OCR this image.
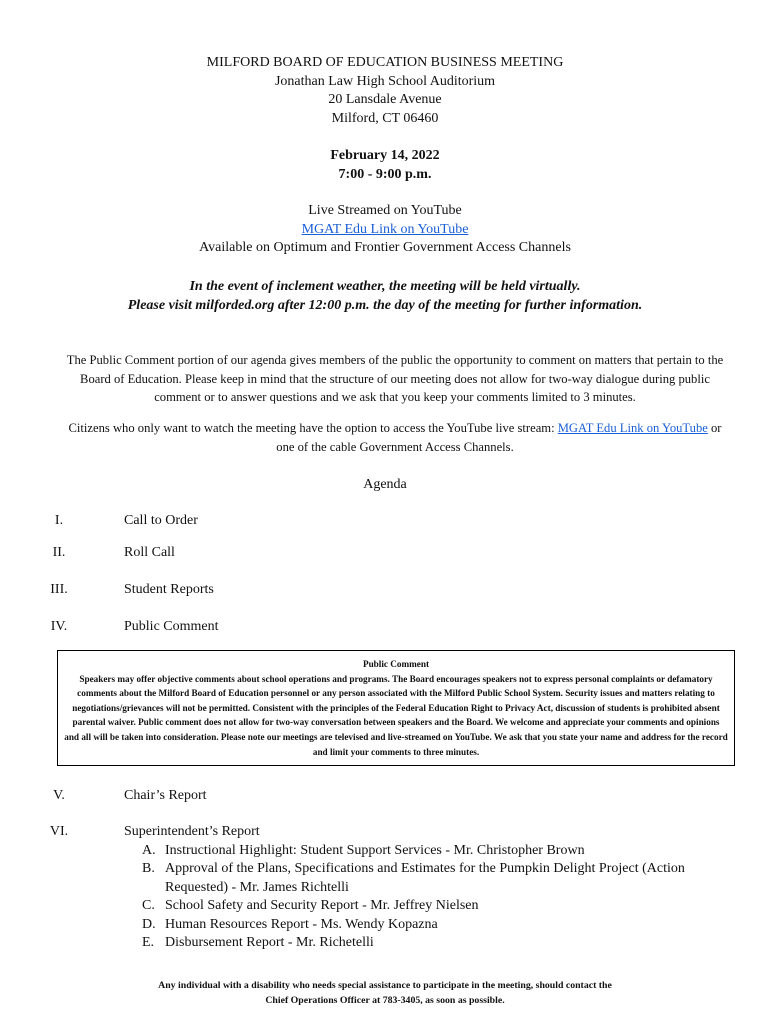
MILFORD BOARD OF EDUCATION BUSINESS MEETING
Jonathan Law High School Auditorium
20 Lansdale Avenue
Milford, CT 06460
February 14, 2022
7:00 - 9:00 p.m.
Live Streamed on YouTube
MGAT Edu Link on YouTube
Available on Optimum and Frontier Government Access Channels
In the event of inclement weather, the meeting will be held virtually.
Please visit milforded.org after 12:00 p.m. the day of the meeting for further information.
The Public Comment portion of our agenda gives members of the public the opportunity to comment on matters that pertain to the Board of Education. Please keep in mind that the structure of our meeting does not allow for two-way dialogue during public comment or to answer questions and we ask that you keep your comments limited to 3 minutes.
Citizens who only want to watch the meeting have the option to access the YouTube live stream: MGAT Edu Link on YouTube or one of the cable Government Access Channels.
Agenda
I.	Call to Order
II.	Roll Call
III.	Student Reports
IV.	Public Comment
Public Comment
Speakers may offer objective comments about school operations and programs. The Board encourages speakers not to express personal complaints or defamatory comments about the Milford Board of Education personnel or any person associated with the Milford Public School System. Security issues and matters relating to negotiations/grievances will not be permitted. Consistent with the principles of the Federal Education Right to Privacy Act, discussion of students is prohibited absent parental waiver. Public comment does not allow for two-way conversation between speakers and the Board. We welcome and appreciate your comments and opinions and all will be taken into consideration. Please note our meetings are televised and live-streamed on YouTube. We ask that you state your name and address for the record and limit your comments to three minutes.
V.	Chair’s Report
VI.	Superintendent’s Report
A. Instructional Highlight: Student Support Services - Mr. Christopher Brown
B. Approval of the Plans, Specifications and Estimates for the Pumpkin Delight Project (Action Requested) - Mr. James Richtelli
C. School Safety and Security Report - Mr. Jeffrey Nielsen
D. Human Resources Report - Ms. Wendy Kopazna
E. Disbursement Report - Mr. Richetelli
Any individual with a disability who needs special assistance to participate in the meeting, should contact the
Chief Operations Officer at 783-3405, as soon as possible.
